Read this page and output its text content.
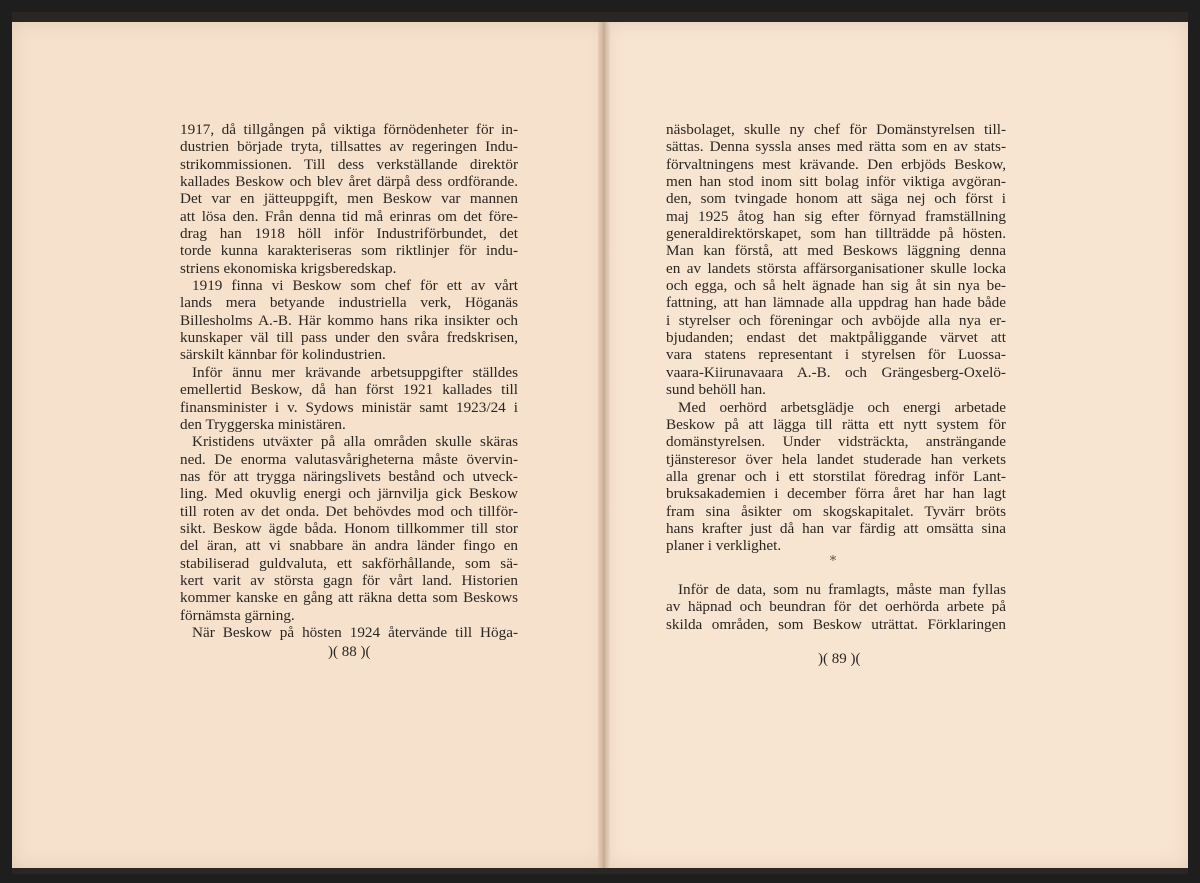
1917, då tillgången på viktiga förnödenheter för in-
dustrien började tryta, tillsattes av regeringen Indu-
strikommissionen. Till dess verkställande direktör
kallades Beskow och blev året därpå dess ordförande.
Det var en jätteuppgift, men Beskow var mannen
att lösa den. Från denna tid må erinras om det före-
drag han 1918 höll inför Industriförbundet, det
torde kunna karakteriseras som riktlinjer för indu-
striens ekonomiska krigsberedskap.
1919 finna vi Beskow som chef för ett av vårt
lands mera betyande industriella verk, Höganäs
Billesholms A.-B. Här kommo hans rika insikter och
kunskaper väl till pass under den svåra fredskrisen,
särskilt kännbar för kolindustrien.
Inför ännu mer krävande arbetsuppgifter ställdes
emellertid Beskow, då han först 1921 kallades till
finansminister i v. Sydows ministär samt 1923/24 i
den Tryggerska ministären.
Kristidens utväxter på alla områden skulle skäras
ned. De enorma valutasvårigheterna måste övervin-
nas för att trygga näringslivets bestånd och utveck-
ling. Med okuvlig energi och järnvilja gick Beskow
till roten av det onda. Det behövdes mod och tillför-
sikt. Beskow ägde båda. Honom tillkommer till stor
del äran, att vi snabbare än andra länder fingo en
stabiliserad guldvaluta, ett sakförhållande, som sä-
kert varit av största gagn för vårt land. Historien
kommer kanske en gång att räkna detta som Beskows
förnämsta gärning.
När Beskow på hösten 1924 återvände till Höga-
näsbolaget, skulle ny chef för Domänstyrelsen till-
sättas. Denna syssla anses med rätta som en av stats-
förvaltningens mest krävande. Den erbjöds Beskow,
men han stod inom sitt bolag inför viktiga avgöran-
den, som tvingade honom att säga nej och först i
maj 1925 åtog han sig efter förnyad framställning
generaldirektörskapet, som han tillträdde på hösten.
Man kan förstå, att med Beskows läggning denna
en av landets största affärsorganisationer skulle locka
och egga, och så helt ägnade han sig åt sin nya be-
fattning, att han lämnade alla uppdrag han hade både
i styrelser och föreningar och avböjde alla nya er-
bjudanden; endast det maktpåliggande värvet att
vara statens representant i styrelsen för Luossa-
vaara-Kiirunavaara A.-B. och Grängesberg-Oxelö-
sund behöll han.
Med oerhörd arbetsglädje och energi arbetade
Beskow på att lägga till rätta ett nytt system för
domänstyrelsen. Under vidsträckta, ansträngande
tjänsteresor över hela landet studerade han verkets
alla grenar och i ett storstilat föredrag inför Lant-
bruksakademien i december förra året har han lagt
fram sina åsikter om skogskapitalet. Tyvärr bröts
hans krafter just då han var färdig att omsätta sina
planer i verklighet.
*
Inför de data, som nu framlagts, måste man fyllas
av häpnad och beundran för det oerhörda arbete på
skilda områden, som Beskow uträttat. Förklaringen
)( 88 )(	)( 89 )(
